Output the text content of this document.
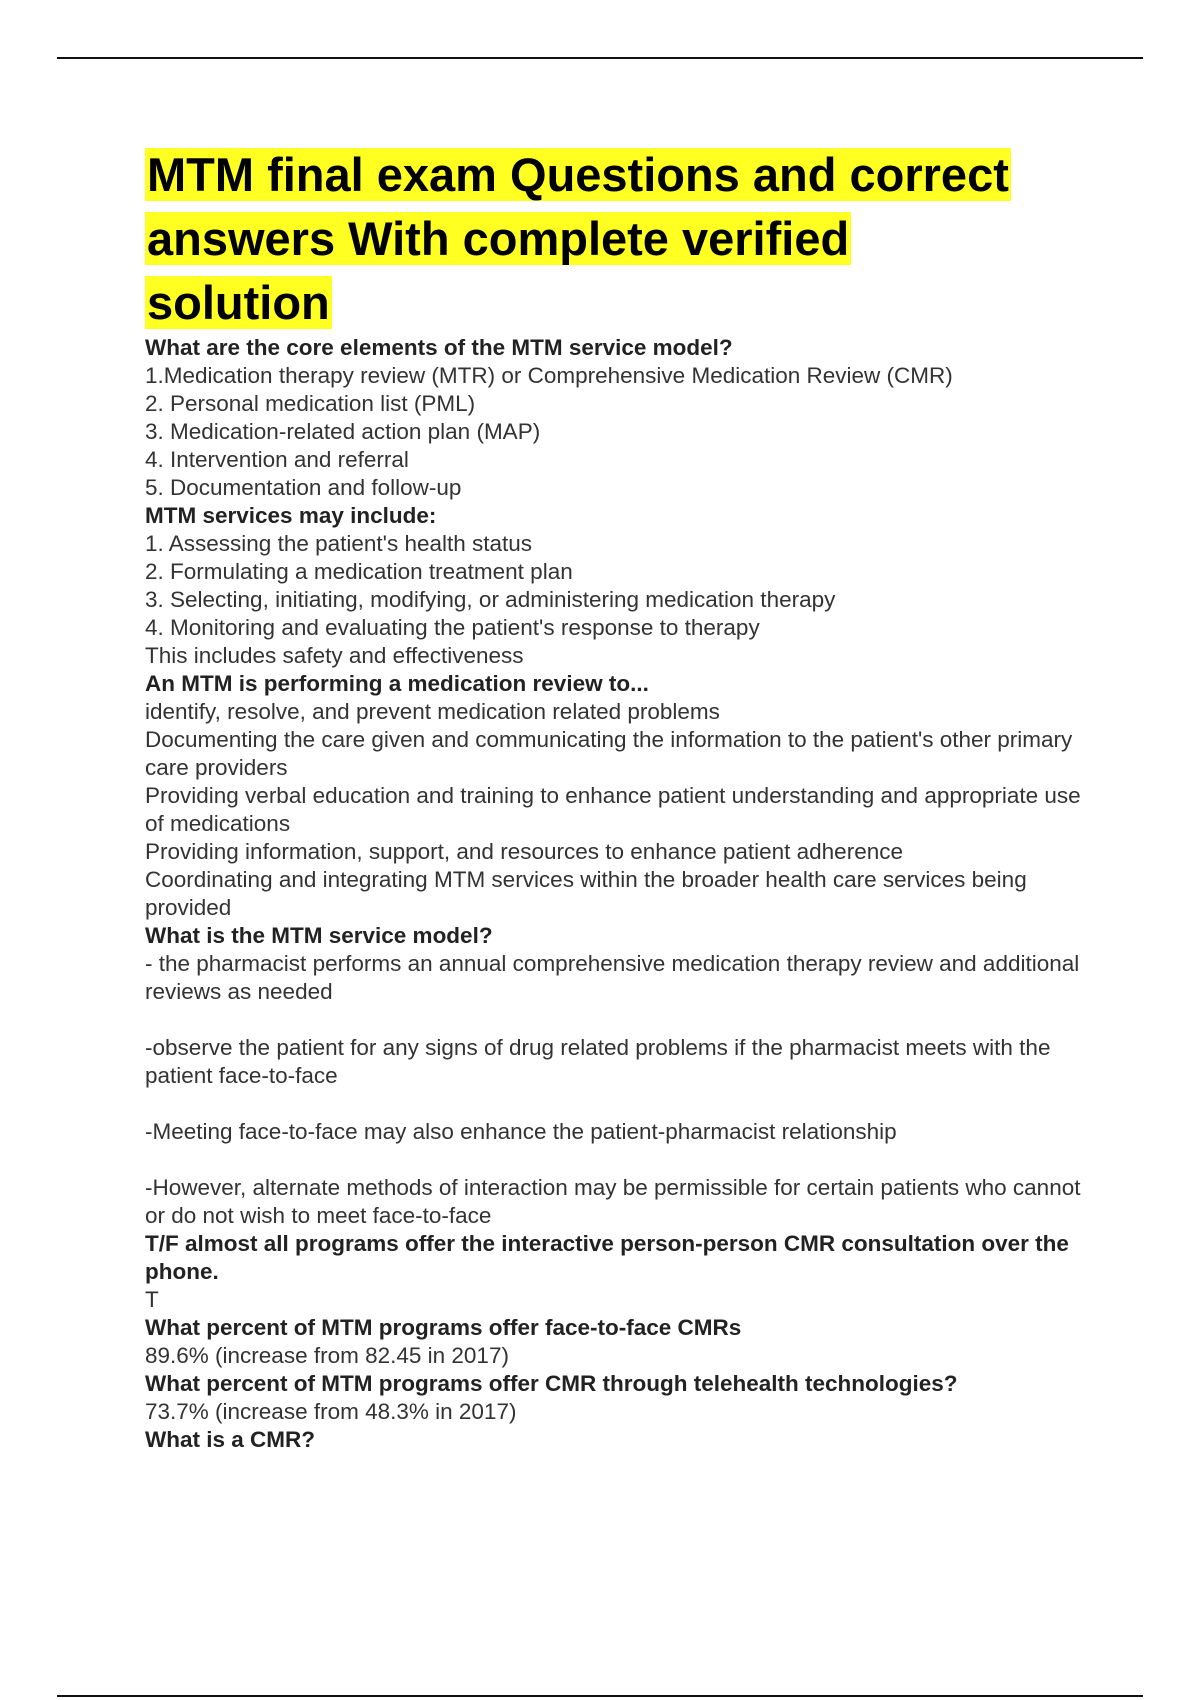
MTM final exam Questions and correct answers With complete verified solution
What are the core elements of the MTM service model?
1.Medication therapy review (MTR) or Comprehensive Medication Review (CMR)
2. Personal medication list (PML)
3. Medication-related action plan (MAP)
4. Intervention and referral
5. Documentation and follow-up
MTM services may include:
1. Assessing the patient's health status
2. Formulating a medication treatment plan
3. Selecting, initiating, modifying, or administering medication therapy
4. Monitoring and evaluating the patient's response to therapy
This includes safety and effectiveness
An MTM is performing a medication review to...
identify, resolve, and prevent medication related problems
Documenting the care given and communicating the information to the patient's other primary care providers
Providing verbal education and training to enhance patient understanding and appropriate use of medications
Providing information, support, and resources to enhance patient adherence
Coordinating and integrating MTM services within the broader health care services being provided
What is the MTM service model?
- the pharmacist performs an annual comprehensive medication therapy review and additional reviews as needed
-observe the patient for any signs of drug related problems if the pharmacist meets with the patient face-to-face
-Meeting face-to-face may also enhance the patient-pharmacist relationship
-However, alternate methods of interaction may be permissible for certain patients who cannot or do not wish to meet face-to-face
T/F almost all programs offer the interactive person-person CMR consultation over the phone.
T
What percent of MTM programs offer face-to-face CMRs
89.6% (increase from 82.45 in 2017)
What percent of MTM programs offer CMR through telehealth technologies?
73.7% (increase from 48.3% in 2017)
What is a CMR?
